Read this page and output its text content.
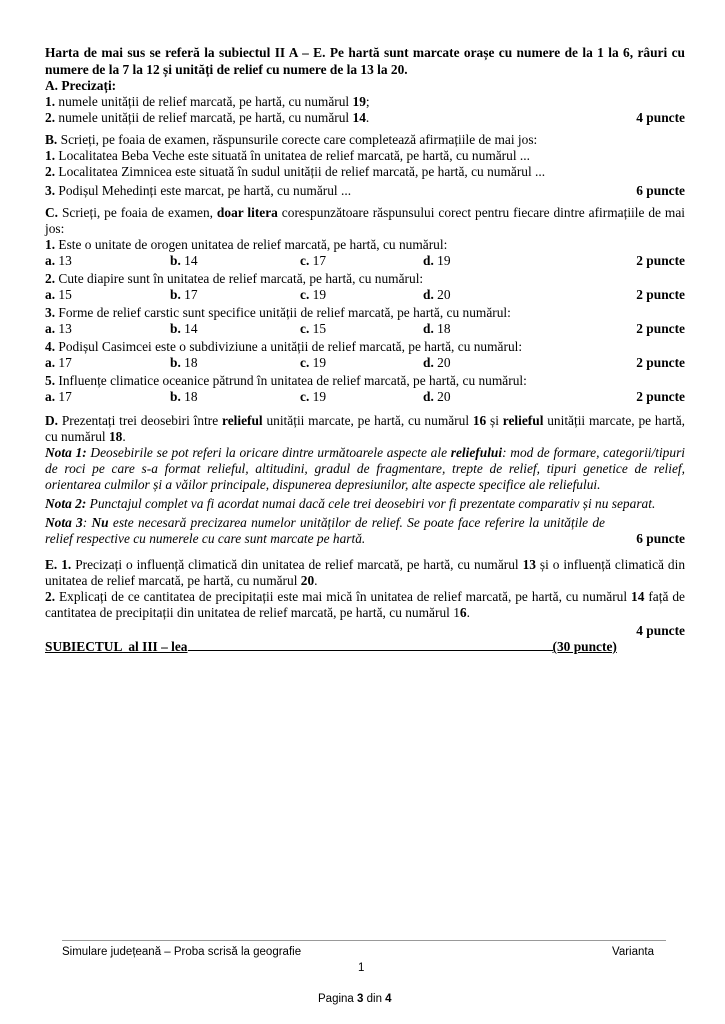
Harta de mai sus se referă la subiectul II A – E. Pe hartă sunt marcate orașe cu numere de la 1 la 6, râuri cu numere de la 7 la 12 și unități de relief cu numere de la 13 la 20.
A. Precizați:
1. numele unității de relief marcată, pe hartă, cu numărul 19;
2. numele unității de relief marcată, pe hartă, cu numărul 14.	4 puncte
B. Scrieți, pe foaia de examen, răspunsurile corecte care completează afirmațiile de mai jos:
1. Localitatea Beba Veche este situată în unitatea de relief marcată, pe hartă, cu numărul ...
2. Localitatea Zimnicea este situată în sudul unității de relief marcată, pe hartă, cu numărul ...
3. Podișul Mehedinți este marcat, pe hartă, cu numărul ...	6 puncte
C. Scrieți, pe foaia de examen, doar litera corespunzătoare răspunsului corect pentru fiecare dintre afirmațiile de mai jos:
1. Este o unitate de orogen unitatea de relief marcată, pe hartă, cu numărul:
a. 13	b. 14	c. 17	d. 19	2 puncte
2. Cute diapire sunt în unitatea de relief marcată, pe hartă, cu numărul:
a. 15	b. 17	c. 19	d. 20	2 puncte
3. Forme de relief carstic sunt specifice unității de relief marcată, pe hartă, cu numărul:
a. 13	b. 14	c. 15	d. 18	2 puncte
4. Podișul Casimcei este o subdiviziune a unității de relief marcată, pe hartă, cu numărul:
a. 17	b. 18	c. 19	d. 20	2 puncte
5. Influențe climatice oceanice pătrund în unitatea de relief marcată, pe hartă, cu numărul:
a. 17	b. 18	c. 19	d. 20	2 puncte
D. Prezentați trei deosebiri între relieful unității marcate, pe hartă, cu numărul 16 și relieful unității marcate, pe hartă, cu numărul 18.
Nota 1: Deosebirile se pot referi la oricare dintre următoarele aspecte ale reliefului: mod de formare, categorii/tipuri de roci pe care s-a format relieful, altitudini, gradul de fragmentare, trepte de relief, tipuri genetice de relief, orientarea culmilor și a văilor principale, dispunerea depresiunilor, alte aspecte specifice ale reliefului.
Nota 2: Punctajul complet va fi acordat numai dacă cele trei deosebiri vor fi prezentate comparativ și nu separat.
Nota 3: Nu este necesară precizarea numelor unităților de relief. Se poate face referire la unitățile de relief respective cu numerele cu care sunt marcate pe hartă.	6 puncte
E. 1. Precizați o influență climatică din unitatea de relief marcată, pe hartă, cu numărul 13 și o influență climatică din unitatea de relief marcată, pe hartă, cu numărul 20.
2. Explicați de ce cantitatea de precipitații este mai mică în unitatea de relief marcată, pe hartă, cu numărul 14 față de cantitatea de precipitații din unitatea de relief marcată, pe hartă, cu numărul 16.
4 puncte
SUBIECTUL  al III – lea	(30 puncte)
Simulare județeană – Proba scrisă la geografie	Varianta
1
Pagina 3 din 4
